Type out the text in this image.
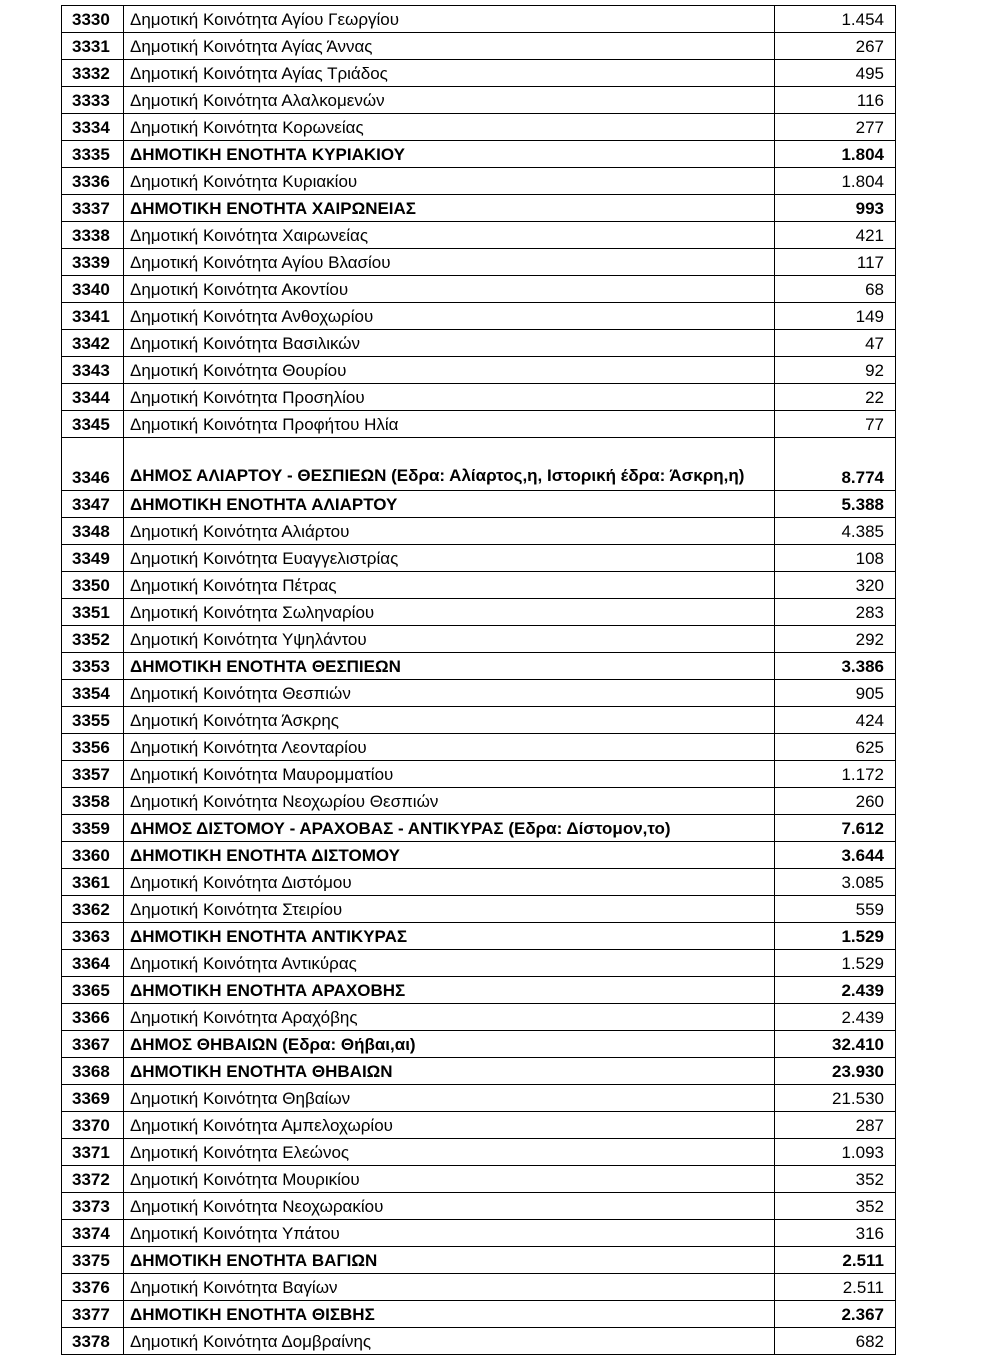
3330	Δημοτική Κοινότητα Αγίου Γεωργίου	1.454
3331	Δημοτική Κοινότητα Αγίας Άννας	267
3332	Δημοτική Κοινότητα Αγίας Τριάδος	495
3333	Δημοτική Κοινότητα Αλαλκομενών	116
3334	Δημοτική Κοινότητα Κορωνείας	277
3335	ΔΗΜΟΤΙΚΗ ΕΝΟΤΗΤΑ ΚΥΡΙΑΚΙΟΥ	1.804
3336	Δημοτική Κοινότητα Κυριακίου	1.804
3337	ΔΗΜΟΤΙΚΗ ΕΝΟΤΗΤΑ ΧΑΙΡΩΝΕΙΑΣ	993
3338	Δημοτική Κοινότητα Χαιρωνείας	421
3339	Δημοτική Κοινότητα Αγίου Βλασίου	117
3340	Δημοτική Κοινότητα Ακοντίου	68
3341	Δημοτική Κοινότητα Ανθοχωρίου	149
3342	Δημοτική Κοινότητα Βασιλικών	47
3343	Δημοτική Κοινότητα Θουρίου	92
3344	Δημοτική Κοινότητα Προσηλίου	22
3345	Δημοτική Κοινότητα Προφήτου Ηλία	77
3346	ΔΗΜΟΣ ΑΛΙΑΡΤΟΥ - ΘΕΣΠΙΕΩΝ (Εδρα: Αλίαρτος,η, Ιστορική έδρα: Άσκρη,η)	8.774
3347	ΔΗΜΟΤΙΚΗ ΕΝΟΤΗΤΑ ΑΛΙΑΡΤΟΥ	5.388
3348	Δημοτική Κοινότητα Αλιάρτου	4.385
3349	Δημοτική Κοινότητα Ευαγγελιστρίας	108
3350	Δημοτική Κοινότητα Πέτρας	320
3351	Δημοτική Κοινότητα Σωληναρίου	283
3352	Δημοτική Κοινότητα Υψηλάντου	292
3353	ΔΗΜΟΤΙΚΗ ΕΝΟΤΗΤΑ ΘΕΣΠΙΕΩΝ	3.386
3354	Δημοτική Κοινότητα Θεσπιών	905
3355	Δημοτική Κοινότητα Άσκρης	424
3356	Δημοτική Κοινότητα Λεονταρίου	625
3357	Δημοτική Κοινότητα Μαυρομματίου	1.172
3358	Δημοτική Κοινότητα Νεοχωρίου Θεσπιών	260
3359	ΔΗΜΟΣ ΔΙΣΤΟΜΟΥ - ΑΡΑΧΟΒΑΣ - ΑΝΤΙΚΥΡΑΣ (Εδρα: Δίστομον,το)	7.612
3360	ΔΗΜΟΤΙΚΗ ΕΝΟΤΗΤΑ ΔΙΣΤΟΜΟΥ	3.644
3361	Δημοτική Κοινότητα Διστόμου	3.085
3362	Δημοτική Κοινότητα Στειρίου	559
3363	ΔΗΜΟΤΙΚΗ ΕΝΟΤΗΤΑ ΑΝΤΙΚΥΡΑΣ	1.529
3364	Δημοτική Κοινότητα Αντικύρας	1.529
3365	ΔΗΜΟΤΙΚΗ ΕΝΟΤΗΤΑ ΑΡΑΧΟΒΗΣ	2.439
3366	Δημοτική Κοινότητα Αραχόβης	2.439
3367	ΔΗΜΟΣ ΘΗΒΑΙΩΝ (Εδρα: Θήβαι,αι)	32.410
3368	ΔΗΜΟΤΙΚΗ ΕΝΟΤΗΤΑ ΘΗΒΑΙΩΝ	23.930
3369	Δημοτική Κοινότητα Θηβαίων	21.530
3370	Δημοτική Κοινότητα Αμπελοχωρίου	287
3371	Δημοτική Κοινότητα Ελεώνος	1.093
3372	Δημοτική Κοινότητα Μουρικίου	352
3373	Δημοτική Κοινότητα Νεοχωρακίου	352
3374	Δημοτική Κοινότητα Υπάτου	316
3375	ΔΗΜΟΤΙΚΗ ΕΝΟΤΗΤΑ ΒΑΓΙΩΝ	2.511
3376	Δημοτική Κοινότητα Βαγίων	2.511
3377	ΔΗΜΟΤΙΚΗ ΕΝΟΤΗΤΑ ΘΙΣΒΗΣ	2.367
3378	Δημοτική Κοινότητα Δομβραίνης	682
